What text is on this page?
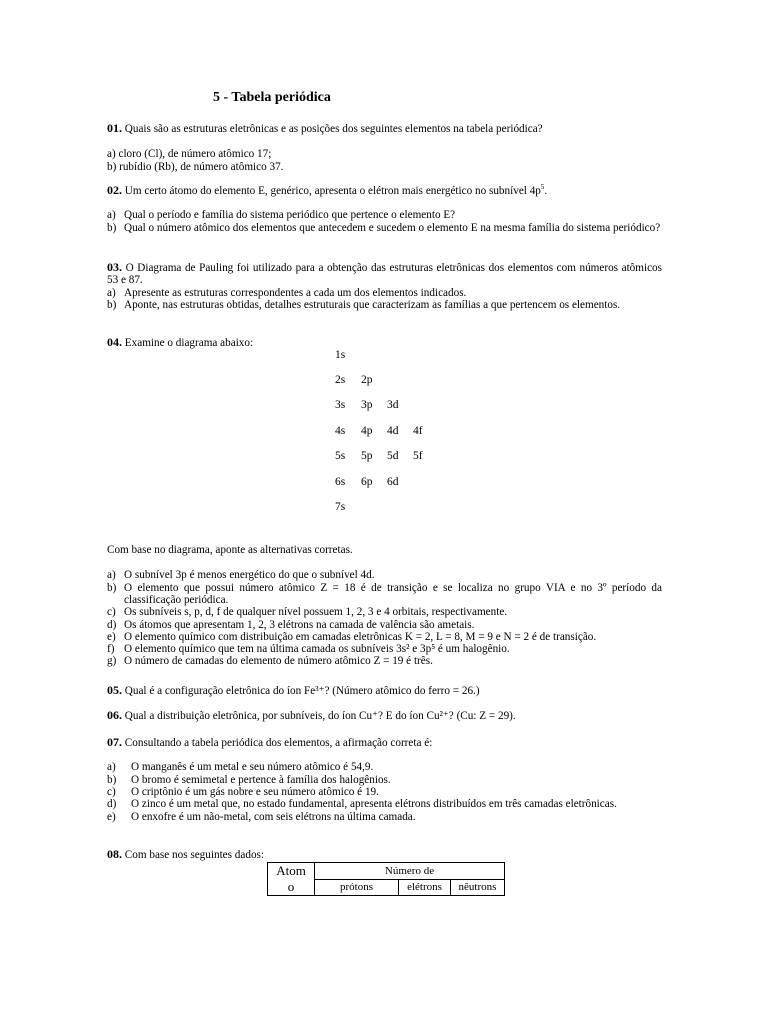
5 - Tabela periódica

01. Quais são as estruturas eletrônicas e as posições dos seguintes elementos na tabela periódica?

a) cloro (Cl), de número atômico 17;

b) rubídio (Rb), de número atômico 37.

02. Um certo átomo do elemento E, genérico, apresenta o elétron mais energético no subnível $4p^5$.

a) Qual o período e família do sistema periódico que pertence o elemento E?
b) Qual o número atômico dos elementos que antecedem e sucedem o elemento E na mesma família do sistema periódico?

03. O Diagrama de Pauling foi utilizado para a obtenção das estruturas eletrônicas dos elementos com números atômicos 53 e 87.

a) Apresente as estruturas correspondentes a cada um dos elementos indicados.
b) Aponte, nas estruturas obtidas, detalhes estruturais que caracterizam as famílias a que pertencem os elementos.

04. Examine o diagrama abaixo:

1s
2s 2p
3s 3p 3d
4s 4p 4d 4f
5s 5p 5d 5f
6s 6p 6d
7s

Com base no diagrama, aponte as alternativas corretas.

a) O subnível 3p é menos energético do que o subnível 4d.
b) O elemento que possui número atômico Z = 18 é de transição e se localiza no grupo VIA e no 3º período da classificação periódica.
c) Os subníveis s, p, d, f de qualquer nível possuem 1, 2, 3 e 4 orbitais, respectivamente.
d) Os átomos que apresentam 1, 2, 3 elétrons na camada de valência são ametais.
e) O elemento químico com distribuição em camadas eletrônicas K = 2, L = 8, M = 9 e N = 2 é de transição.
f) O elemento químico que tem na última camada os subníveis 3s² e 3p⁵ é um halogênio.
g) O número de camadas do elemento de número atômico Z = 19 é três.

05. Qual é a configuração eletrônica do íon Fe³⁺? (Número atômico do ferro = 26.)

06. Qual a distribuição eletrônica, por subníveis, do íon Cu⁺? E do íon Cu²⁺? (Cu: Z = 29).

07. Consultando a tabela periódica dos elementos, a afirmação correta é:

a)	O manganês é um metal e seu número atômico é 54,9.
b)	O bromo é semimetal e pertence à família dos halogênios.
c)	O criptônio é um gás nobre e seu número atômico é 19.
d)	O zinco é um metal que, no estado fundamental, apresenta elétrons distribuídos em três camadas eletrônicas.
e)	O enxofre é um não-metal, com seis elétrons na última camada.

08. Com base nos seguintes dados:

Atom
o	Número de		
	prótons	elétrons	nêutrons
